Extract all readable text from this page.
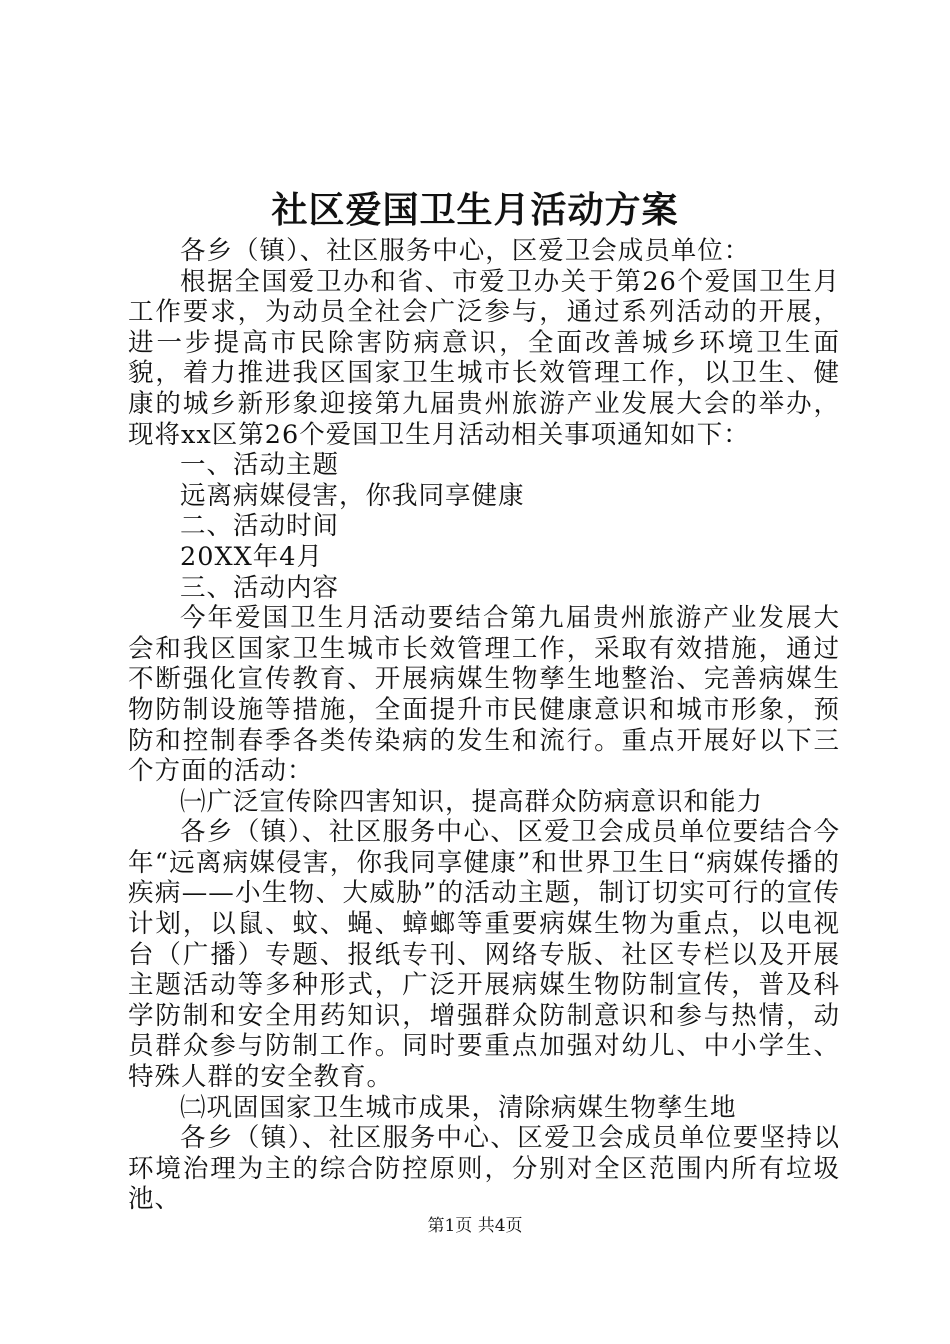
社区爱国卫生月活动方案

各乡（镇）、社区服务中心，区爱卫会成员单位：

根据全国爱卫办和省、市爱卫办关于第26个爱国卫生月工作要求，为动员全社会广泛参与，通过系列活动的开展，进一步提高市民除害防病意识，全面改善城乡环境卫生面貌，着力推进我区国家卫生城市长效管理工作，以卫生、健康的城乡新形象迎接第九届贵州旅游产业发展大会的举办，现将xx区第26个爱国卫生月活动相关事项通知如下：

一、活动主题

远离病媒侵害，你我同享健康

二、活动时间

20XX年4月

三、活动内容

今年爱国卫生月活动要结合第九届贵州旅游产业发展大会和我区国家卫生城市长效管理工作，采取有效措施，通过不断强化宣传教育、开展病媒生物孳生地整治、完善病媒生物防制设施等措施，全面提升市民健康意识和城市形象，预防和控制春季各类传染病的发生和流行。重点开展好以下三个方面的活动：

㈠广泛宣传除四害知识，提高群众防病意识和能力

各乡（镇）、社区服务中心、区爱卫会成员单位要结合今年“远离病媒侵害，你我同享健康”和世界卫生日“病媒传播的疾病——小生物、大威胁”的活动主题，制订切实可行的宣传计划，以鼠、蚊、蝇、蟑螂等重要病媒生物为重点，以电视台（广播）专题、报纸专刊、网络专版、社区专栏以及开展主题活动等多种形式，广泛开展病媒生物防制宣传，普及科学防制和安全用药知识，增强群众防制意识和参与热情，动员群众参与防制工作。同时要重点加强对幼儿、中小学生、特殊人群的安全教育。

㈡巩固国家卫生城市成果，清除病媒生物孳生地

各乡（镇）、社区服务中心、区爱卫会成员单位要坚持以环境治理为主的综合防控原则，分别对全区范围内所有垃圾池、

第1页 共4页
